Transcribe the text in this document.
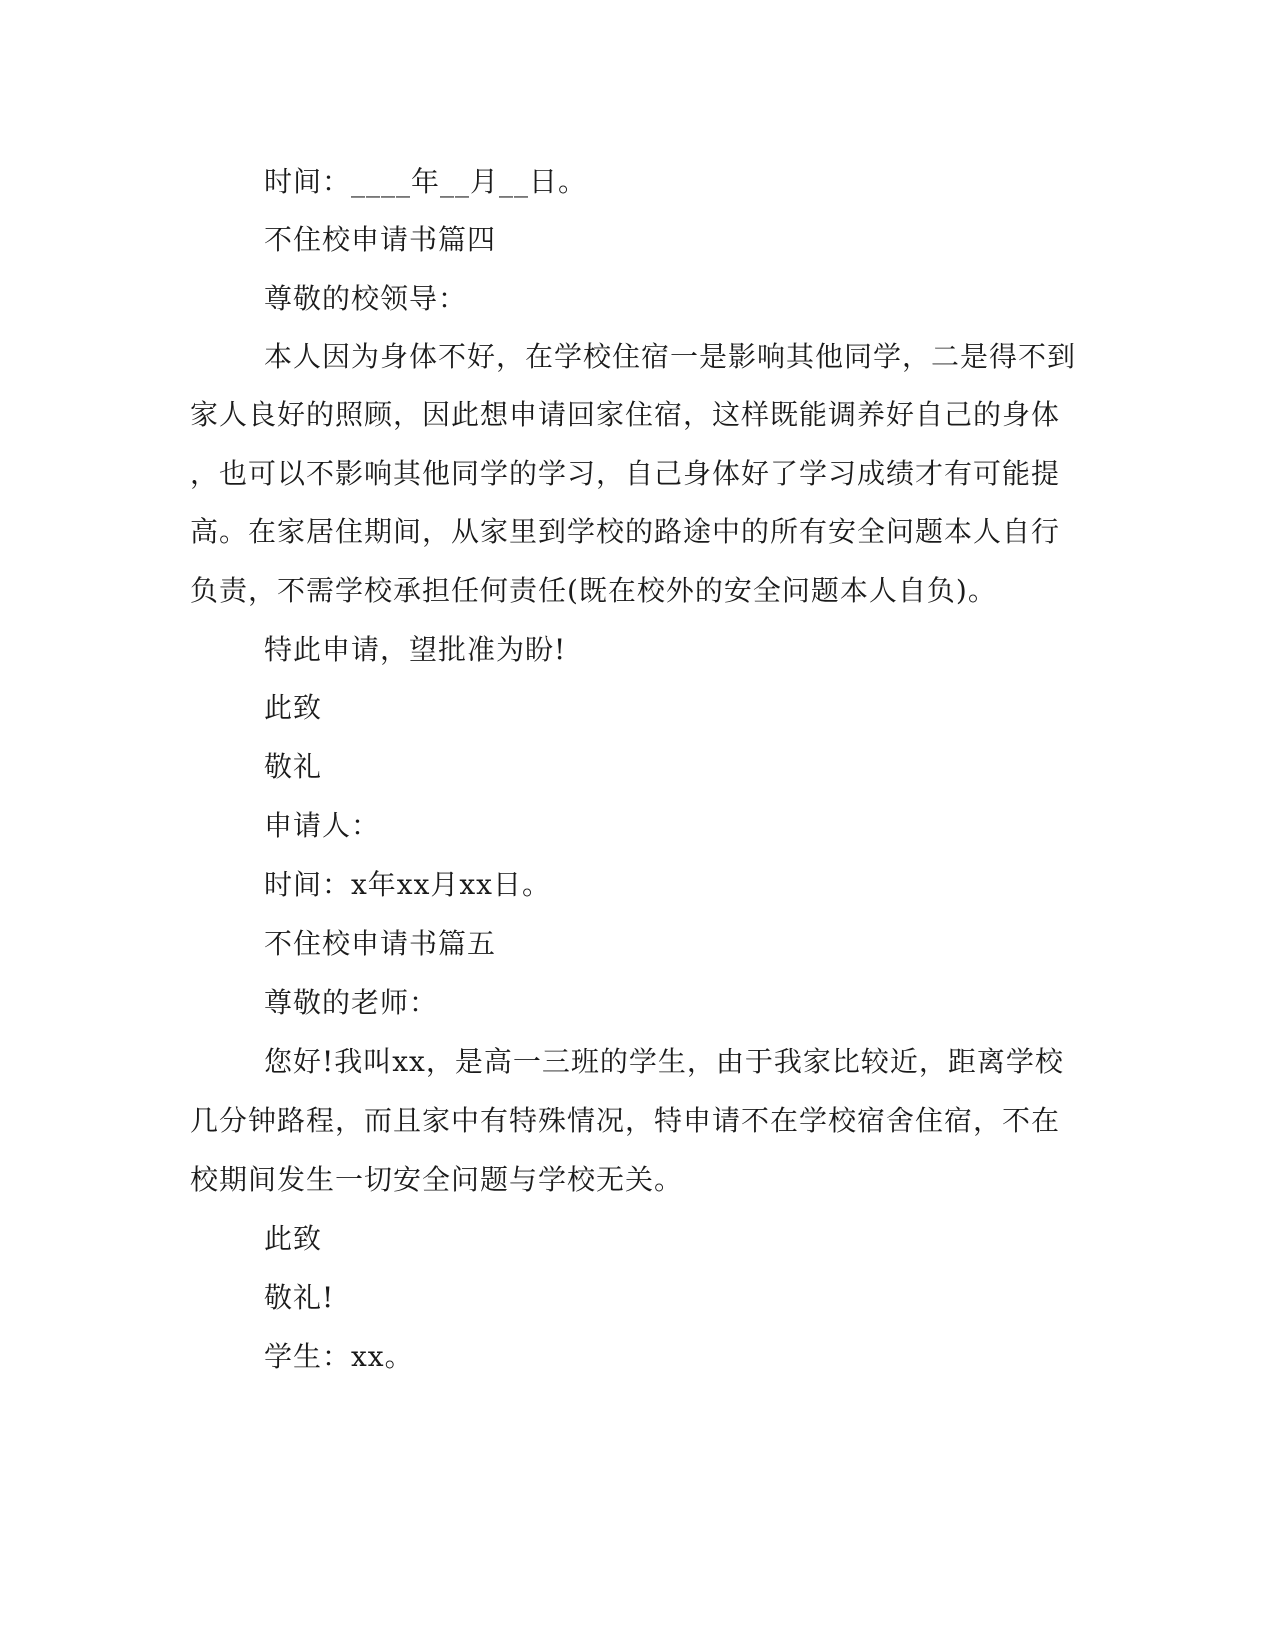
时间：____年__月__日。
不住校申请书篇四
尊敬的校领导：
本人因为身体不好，在学校住宿一是影响其他同学，二是得不到
家人良好的照顾，因此想申请回家住宿，这样既能调养好自己的身体
，也可以不影响其他同学的学习，自己身体好了学习成绩才有可能提
高。在家居住期间，从家里到学校的路途中的所有安全问题本人自行
负责，不需学校承担任何责任(既在校外的安全问题本人自负)。
特此申请，望批准为盼!
此致
敬礼
申请人：
时间：x年xx月xx日。
不住校申请书篇五
尊敬的老师：
您好!我叫xx，是高一三班的学生，由于我家比较近，距离学校
几分钟路程，而且家中有特殊情况，特申请不在学校宿舍住宿，不在
校期间发生一切安全问题与学校无关。
此致
敬礼!
学生：xx。
